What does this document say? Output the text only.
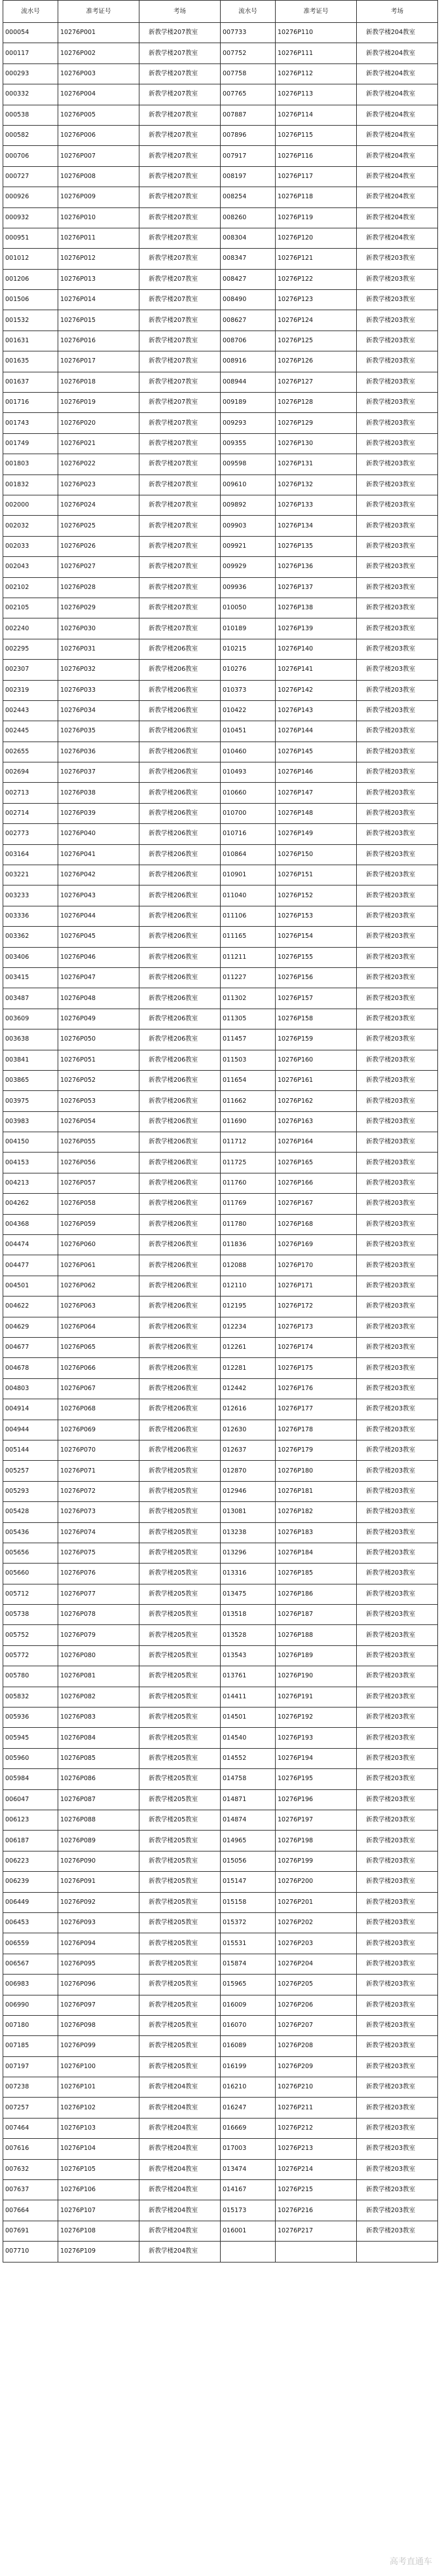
流水号	准考证号	考场	流水号	准考证号	考场
000054	10276P001	新教学楼207教室	007733	10276P110	新教学楼204教室
000117	10276P002	新教学楼207教室	007752	10276P111	新教学楼204教室
000293	10276P003	新教学楼207教室	007758	10276P112	新教学楼204教室
000332	10276P004	新教学楼207教室	007765	10276P113	新教学楼204教室
000538	10276P005	新教学楼207教室	007887	10276P114	新教学楼204教室
000582	10276P006	新教学楼207教室	007896	10276P115	新教学楼204教室
000706	10276P007	新教学楼207教室	007917	10276P116	新教学楼204教室
000727	10276P008	新教学楼207教室	008197	10276P117	新教学楼204教室
000926	10276P009	新教学楼207教室	008254	10276P118	新教学楼204教室
000932	10276P010	新教学楼207教室	008260	10276P119	新教学楼204教室
000951	10276P011	新教学楼207教室	008304	10276P120	新教学楼204教室
001012	10276P012	新教学楼207教室	008347	10276P121	新教学楼203教室
001206	10276P013	新教学楼207教室	008427	10276P122	新教学楼203教室
001506	10276P014	新教学楼207教室	008490	10276P123	新教学楼203教室
001532	10276P015	新教学楼207教室	008627	10276P124	新教学楼203教室
001631	10276P016	新教学楼207教室	008706	10276P125	新教学楼203教室
001635	10276P017	新教学楼207教室	008916	10276P126	新教学楼203教室
001637	10276P018	新教学楼207教室	008944	10276P127	新教学楼203教室
001716	10276P019	新教学楼207教室	009189	10276P128	新教学楼203教室
001743	10276P020	新教学楼207教室	009293	10276P129	新教学楼203教室
001749	10276P021	新教学楼207教室	009355	10276P130	新教学楼203教室
001803	10276P022	新教学楼207教室	009598	10276P131	新教学楼203教室
001832	10276P023	新教学楼207教室	009610	10276P132	新教学楼203教室
002000	10276P024	新教学楼207教室	009892	10276P133	新教学楼203教室
002032	10276P025	新教学楼207教室	009903	10276P134	新教学楼203教室
002033	10276P026	新教学楼207教室	009921	10276P135	新教学楼203教室
002043	10276P027	新教学楼207教室	009929	10276P136	新教学楼203教室
002102	10276P028	新教学楼207教室	009936	10276P137	新教学楼203教室
002105	10276P029	新教学楼207教室	010050	10276P138	新教学楼203教室
002240	10276P030	新教学楼207教室	010189	10276P139	新教学楼203教室
002295	10276P031	新教学楼206教室	010215	10276P140	新教学楼203教室
002307	10276P032	新教学楼206教室	010276	10276P141	新教学楼203教室
002319	10276P033	新教学楼206教室	010373	10276P142	新教学楼203教室
002443	10276P034	新教学楼206教室	010422	10276P143	新教学楼203教室
002445	10276P035	新教学楼206教室	010451	10276P144	新教学楼203教室
002655	10276P036	新教学楼206教室	010460	10276P145	新教学楼203教室
002694	10276P037	新教学楼206教室	010493	10276P146	新教学楼203教室
002713	10276P038	新教学楼206教室	010660	10276P147	新教学楼203教室
002714	10276P039	新教学楼206教室	010700	10276P148	新教学楼203教室
002773	10276P040	新教学楼206教室	010716	10276P149	新教学楼203教室
003164	10276P041	新教学楼206教室	010864	10276P150	新教学楼203教室
003221	10276P042	新教学楼206教室	010901	10276P151	新教学楼203教室
003233	10276P043	新教学楼206教室	011040	10276P152	新教学楼203教室
003336	10276P044	新教学楼206教室	011106	10276P153	新教学楼203教室
003362	10276P045	新教学楼206教室	011165	10276P154	新教学楼203教室
003406	10276P046	新教学楼206教室	011211	10276P155	新教学楼203教室
003415	10276P047	新教学楼206教室	011227	10276P156	新教学楼203教室
003487	10276P048	新教学楼206教室	011302	10276P157	新教学楼203教室
003609	10276P049	新教学楼206教室	011305	10276P158	新教学楼203教室
003638	10276P050	新教学楼206教室	011457	10276P159	新教学楼203教室
003841	10276P051	新教学楼206教室	011503	10276P160	新教学楼203教室
003865	10276P052	新教学楼206教室	011654	10276P161	新教学楼203教室
003975	10276P053	新教学楼206教室	011662	10276P162	新教学楼203教室
003983	10276P054	新教学楼206教室	011690	10276P163	新教学楼203教室
004150	10276P055	新教学楼206教室	011712	10276P164	新教学楼203教室
004153	10276P056	新教学楼206教室	011725	10276P165	新教学楼203教室
004213	10276P057	新教学楼206教室	011760	10276P166	新教学楼203教室
004262	10276P058	新教学楼206教室	011769	10276P167	新教学楼203教室
004368	10276P059	新教学楼206教室	011780	10276P168	新教学楼203教室
004474	10276P060	新教学楼206教室	011836	10276P169	新教学楼203教室
004477	10276P061	新教学楼206教室	012088	10276P170	新教学楼203教室
004501	10276P062	新教学楼206教室	012110	10276P171	新教学楼203教室
004622	10276P063	新教学楼206教室	012195	10276P172	新教学楼203教室
004629	10276P064	新教学楼206教室	012234	10276P173	新教学楼203教室
004677	10276P065	新教学楼206教室	012261	10276P174	新教学楼203教室
004678	10276P066	新教学楼206教室	012281	10276P175	新教学楼203教室
004803	10276P067	新教学楼206教室	012442	10276P176	新教学楼203教室
004914	10276P068	新教学楼206教室	012616	10276P177	新教学楼203教室
004944	10276P069	新教学楼206教室	012630	10276P178	新教学楼203教室
005144	10276P070	新教学楼206教室	012637	10276P179	新教学楼203教室
005257	10276P071	新教学楼205教室	012870	10276P180	新教学楼203教室
005293	10276P072	新教学楼205教室	012946	10276P181	新教学楼203教室
005428	10276P073	新教学楼205教室	013081	10276P182	新教学楼203教室
005436	10276P074	新教学楼205教室	013238	10276P183	新教学楼203教室
005656	10276P075	新教学楼205教室	013296	10276P184	新教学楼203教室
005660	10276P076	新教学楼205教室	013316	10276P185	新教学楼203教室
005712	10276P077	新教学楼205教室	013475	10276P186	新教学楼203教室
005738	10276P078	新教学楼205教室	013518	10276P187	新教学楼203教室
005752	10276P079	新教学楼205教室	013528	10276P188	新教学楼203教室
005772	10276P080	新教学楼205教室	013543	10276P189	新教学楼203教室
005780	10276P081	新教学楼205教室	013761	10276P190	新教学楼203教室
005832	10276P082	新教学楼205教室	014411	10276P191	新教学楼203教室
005936	10276P083	新教学楼205教室	014501	10276P192	新教学楼203教室
005945	10276P084	新教学楼205教室	014540	10276P193	新教学楼203教室
005960	10276P085	新教学楼205教室	014552	10276P194	新教学楼203教室
005984	10276P086	新教学楼205教室	014758	10276P195	新教学楼203教室
006047	10276P087	新教学楼205教室	014871	10276P196	新教学楼203教室
006123	10276P088	新教学楼205教室	014874	10276P197	新教学楼203教室
006187	10276P089	新教学楼205教室	014965	10276P198	新教学楼203教室
006223	10276P090	新教学楼205教室	015056	10276P199	新教学楼203教室
006239	10276P091	新教学楼205教室	015147	10276P200	新教学楼203教室
006449	10276P092	新教学楼205教室	015158	10276P201	新教学楼203教室
006453	10276P093	新教学楼205教室	015372	10276P202	新教学楼203教室
006559	10276P094	新教学楼205教室	015531	10276P203	新教学楼203教室
006567	10276P095	新教学楼205教室	015874	10276P204	新教学楼203教室
006983	10276P096	新教学楼205教室	015965	10276P205	新教学楼203教室
006990	10276P097	新教学楼205教室	016009	10276P206	新教学楼203教室
007180	10276P098	新教学楼205教室	016070	10276P207	新教学楼203教室
007185	10276P099	新教学楼205教室	016089	10276P208	新教学楼203教室
007197	10276P100	新教学楼205教室	016199	10276P209	新教学楼203教室
007238	10276P101	新教学楼204教室	016210	10276P210	新教学楼203教室
007257	10276P102	新教学楼204教室	016247	10276P211	新教学楼203教室
007464	10276P103	新教学楼204教室	016669	10276P212	新教学楼203教室
007616	10276P104	新教学楼204教室	017003	10276P213	新教学楼203教室
007632	10276P105	新教学楼204教室	013474	10276P214	新教学楼203教室
007637	10276P106	新教学楼204教室	014167	10276P215	新教学楼203教室
007664	10276P107	新教学楼204教室	015173	10276P216	新教学楼203教室
007691	10276P108	新教学楼204教室	016001	10276P217	新教学楼203教室
007710	10276P109	新教学楼204教室			
高考直通车
